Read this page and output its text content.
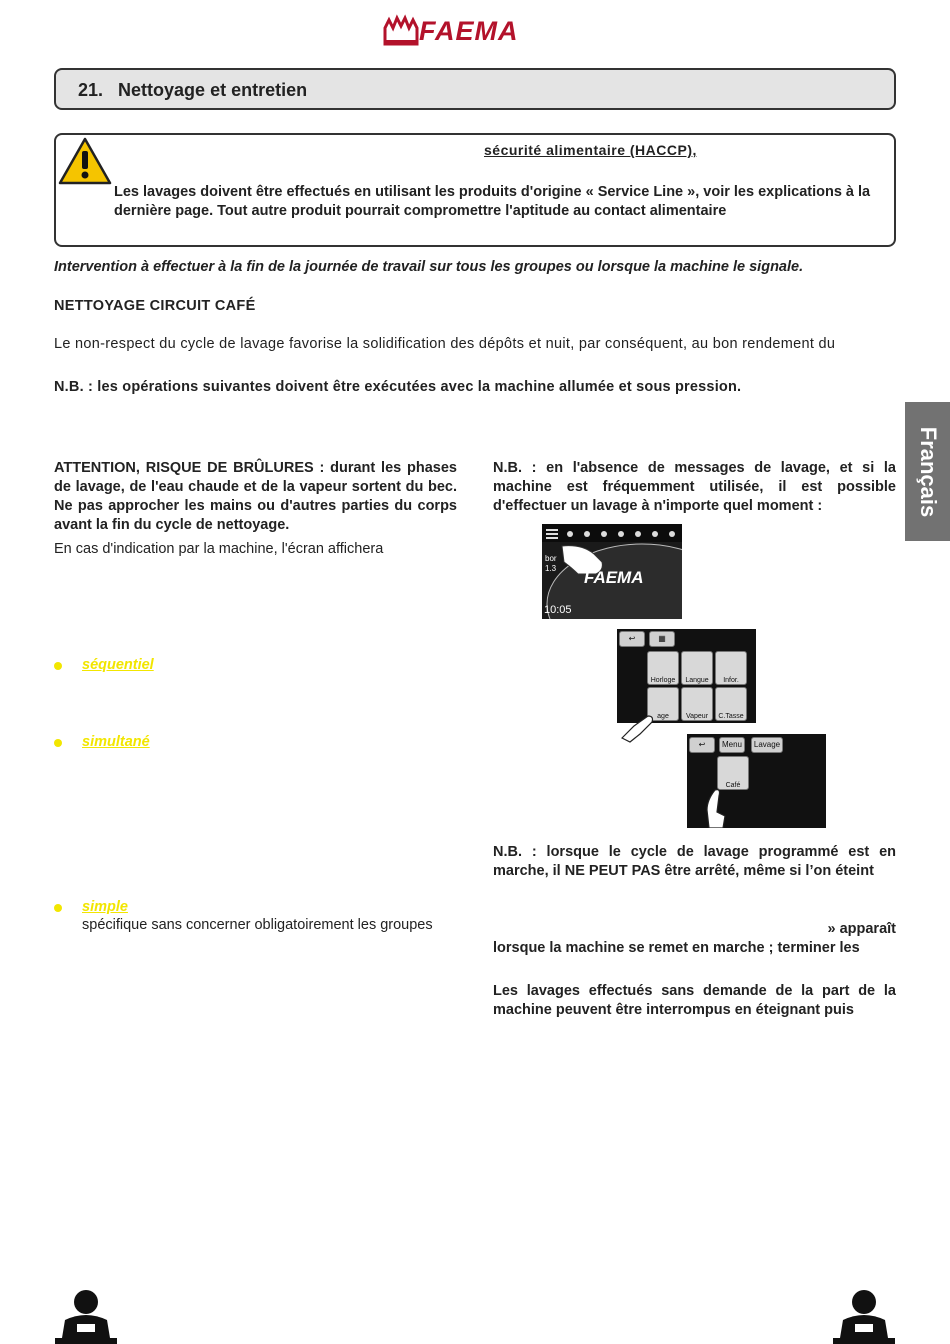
FAEMA
21. Nettoyage et entretien
sécurité alimentaire (HACCP),
Les lavages doivent être effectués en utilisant les produits d'origine « Service Line », voir les explications à la dernière page. Tout autre produit pourrait compromettre l'aptitude au contact alimentaire
Intervention à effectuer à la fin de la journée de travail sur tous les groupes ou lorsque la machine le signale.
NETTOYAGE CIRCUIT CAFÉ
Le non-respect du cycle de lavage favorise la solidification des dépôts et nuit, par conséquent, au bon rendement du
N.B. : les opérations suivantes doivent être exécutées avec la machine allumée et sous pression.
Français

ATTENTION, RISQUE DE BRÛLURES : durant les phases de lavage, de l'eau chaude et de la vapeur sortent du bec. Ne pas approcher les mains ou d'autres parties du corps avant la fin du cycle de nettoyage.

En cas d'indication par la machine, l'écran affichera

séquentiel
simultané
simple
spécifique sans concerner obligatoirement les groupes
N.B. : en l'absence de messages de lavage, et si la machine est fréquemment utilisée, il est possible d'effectuer un lavage à n'importe quel moment :
FAEMA
bor
1.3
10:05
↩	▦
Horloge	Langue	Infor.
age	Vapeur	C.Tasse
↩	Menu	Lavage
Café
N.B. : lorsque le cycle de lavage programmé est en marche, il NE PEUT PAS être arrêté, même si l’on éteint
» apparaît
lorsque la machine se remet en marche ; terminer les
Les lavages effectués sans demande de la part de la machine peuvent être interrompus en éteignant puis
